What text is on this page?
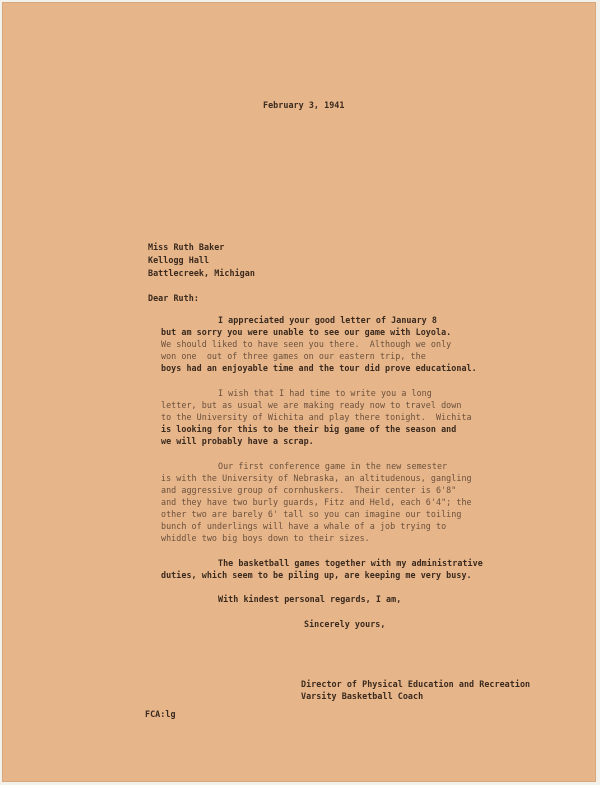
February 3, 1941
Miss Ruth Baker
Kellogg Hall
Battlecreek, Michigan
Dear Ruth:
I appreciated your good letter of January 8
but am sorry you were unable to see our game with Loyola.
We should liked to have seen you there.  Although we only
won one  out of three games on our eastern trip, the
boys had an enjoyable time and the tour did prove educational.
I wish that I had time to write you a long
letter, but as usual we are making ready now to travel down
to the University of Wichita and play there tonight.  Wichita
is looking for this to be their big game of the season and
we will probably have a scrap.
Our first conference game in the new semester
is with the University of Nebraska, an altitudenous, gangling
and aggressive group of cornhuskers.  Their center is 6'8"
and they have two burly guards, Fitz and Held, each 6'4"; the
other two are barely 6' tall so you can imagine our toiling
bunch of underlings will have a whale of a job trying to
whiddle two big boys down to their sizes.
The basketball games together with my administrative
duties, which seem to be piling up, are keeping me very busy.
With kindest personal regards, I am,
Sincerely yours,
Director of Physical Education and Recreation
Varsity Basketball Coach
FCA:lg
